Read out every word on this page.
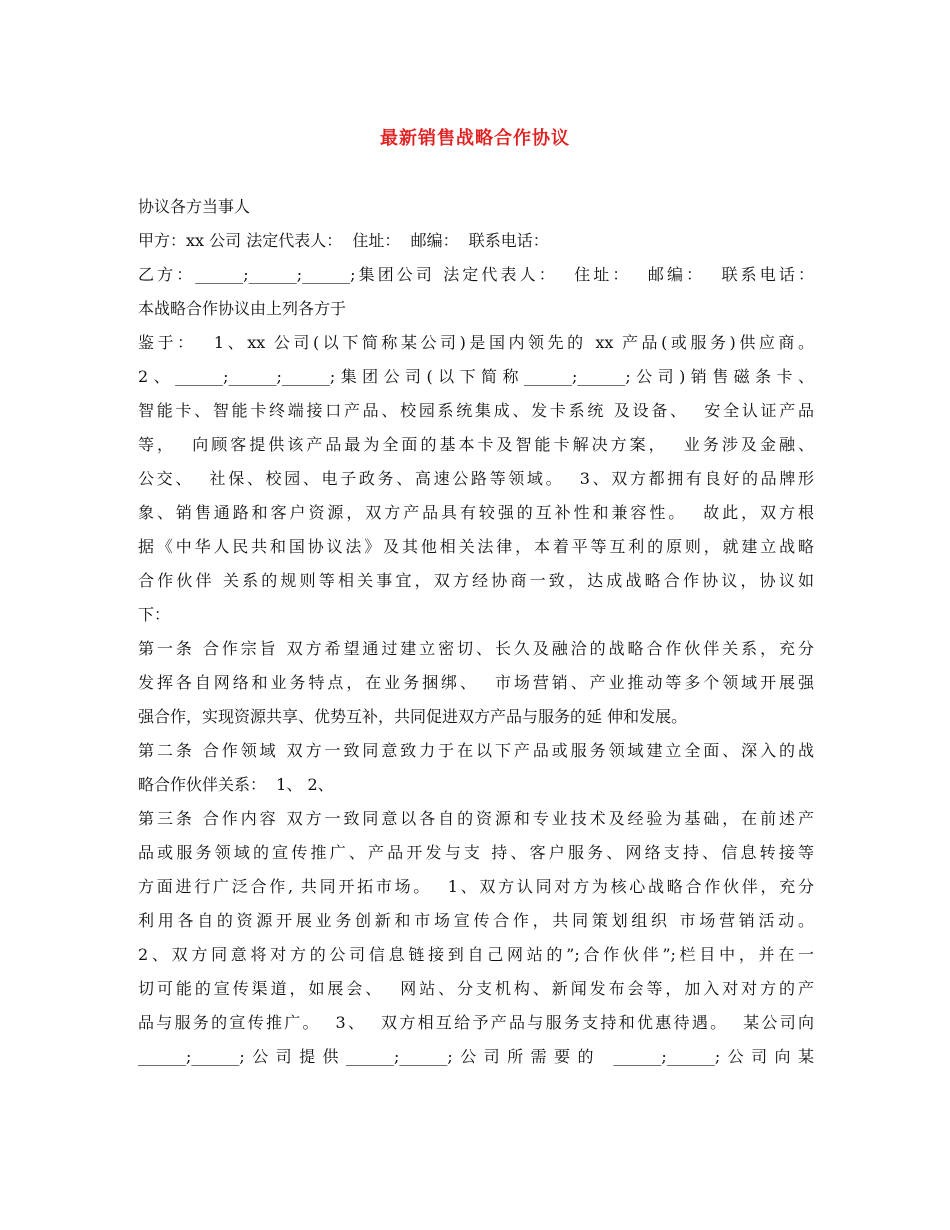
最新销售战略合作协议
协议各方当事人
甲方：xx 公司 法定代表人：  住址：  邮编：  联系电话：
乙方：______;______;______;集团公司 法定代表人：  住址：  邮编：  联系电话：
本战略合作协议由上列各方于
鉴于：  1、xx 公司(以下简称某公司)是国内领先的 xx 产品(或服务)供应商。
2、______;______;______;集团公司(以下简称______;______;公司)销售磁条卡、
智能卡、智能卡终端接口产品、校园系统集成、发卡系统 及设备、  安全认证产品
等，  向顾客提供该产品最为全面的基本卡及智能卡解决方案，  业务涉及金融、
公交、  社保、校园、电子政务、高速公路等领域。  3、双方都拥有良好的品牌形
象、销售通路和客户资源，双方产品具有较强的互补性和兼容性。  故此，双方根
据《中华人民共和国协议法》及其他相关法律，本着平等互利的原则，就建立战略
合作伙伴 关系的规则等相关事宜，双方经协商一致，达成战略合作协议，协议如
下：
第一条 合作宗旨 双方希望通过建立密切、长久及融洽的战略合作伙伴关系，充分
发挥各自网络和业务特点，在业务捆绑、  市场营销、产业推动等多个领域开展强
强合作，实现资源共享、优势互补，共同促进双方产品与服务的延 伸和发展。
第二条 合作领域 双方一致同意致力于在以下产品或服务领域建立全面、深入的战
略合作伙伴关系：  1、 2、
第三条 合作内容 双方一致同意以各自的资源和专业技术及经验为基础，在前述产
品或服务领域的宣传推广、产品开发与支 持、客户服务、网络支持、信息转接等
方面进行广泛合作, 共同开拓市场。  1、双方认同对方为核心战略合作伙伴，充分
利用各自的资源开展业务创新和市场宣传合作，共同策划组织 市场营销活动。
2、双方同意将对方的公司信息链接到自己网站的”;合作伙伴”;栏目中，并在一
切可能的宣传渠道，如展会、  网站、分支机构、新闻发布会等，加入对对方的产
品与服务的宣传推广。  3、  双方相互给予产品与服务支持和优惠待遇。  某公司向
______;______;公司提供______;______;公司所需要的 ______;______;公司向某
